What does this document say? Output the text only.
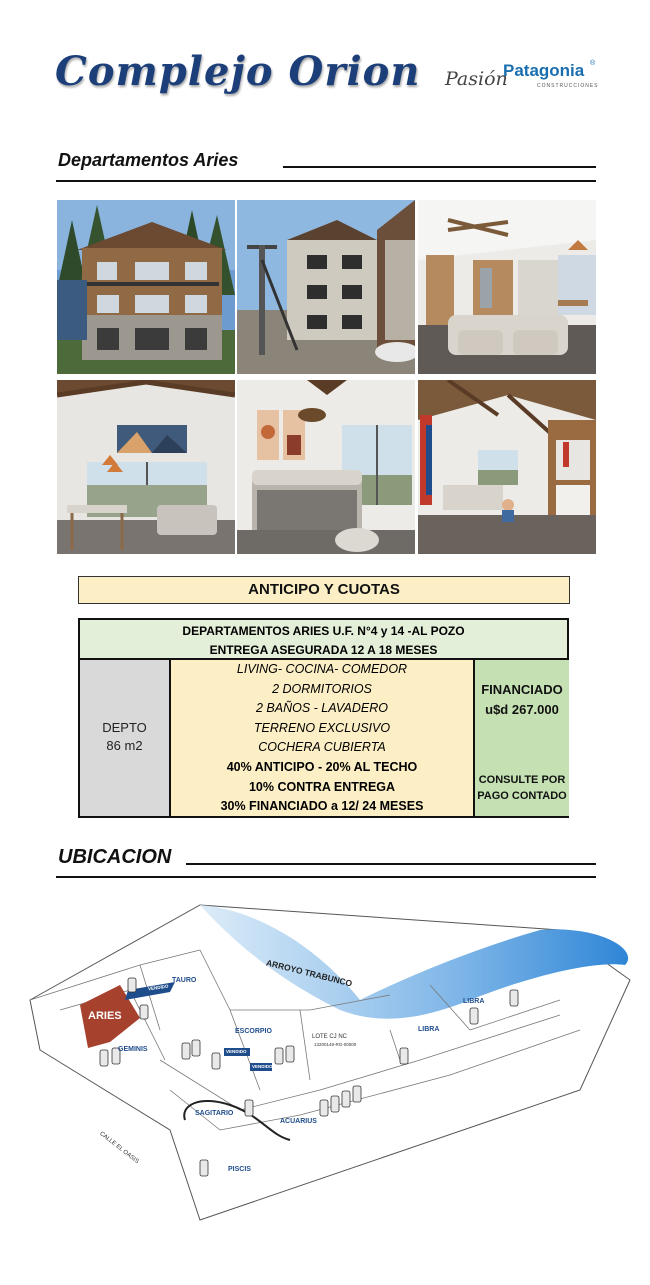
Complejo Orion Pasión
Patagonia ®
CONSTRUCCIONES
Departamentos Aries
ANTICIPO Y CUOTAS
DEPARTAMENTOS ARIES U.F. N°4 y 14 -AL POZO
ENTREGA ASEGURADA 12 A 18 MESES
DEPTO
86 m2
LIVING- COCINA- COMEDOR
2 DORMITORIOS
2 BAÑOS - LAVADERO
TERRENO EXCLUSIVO
COCHERA CUBIERTA
40% ANTICIPO - 20% AL TECHO
10% CONTRA ENTREGA
30% FINANCIADO a 12/ 24 MESES
FINANCIADO
u$d 267.000
CONSULTE POR
PAGO CONTADO
UBICACION
ARROYO TRABUNCO
ARIES
TAURO
GEMINIS
ESCORPIO	LIBRA
LIBRA
SAGITARIO
ACUARIUS
PISCIS
VENDIDO
VENDIDO
VENDIDO
LOTE CJ NC
13200149-RG-00000
CALLE EL OASIS
